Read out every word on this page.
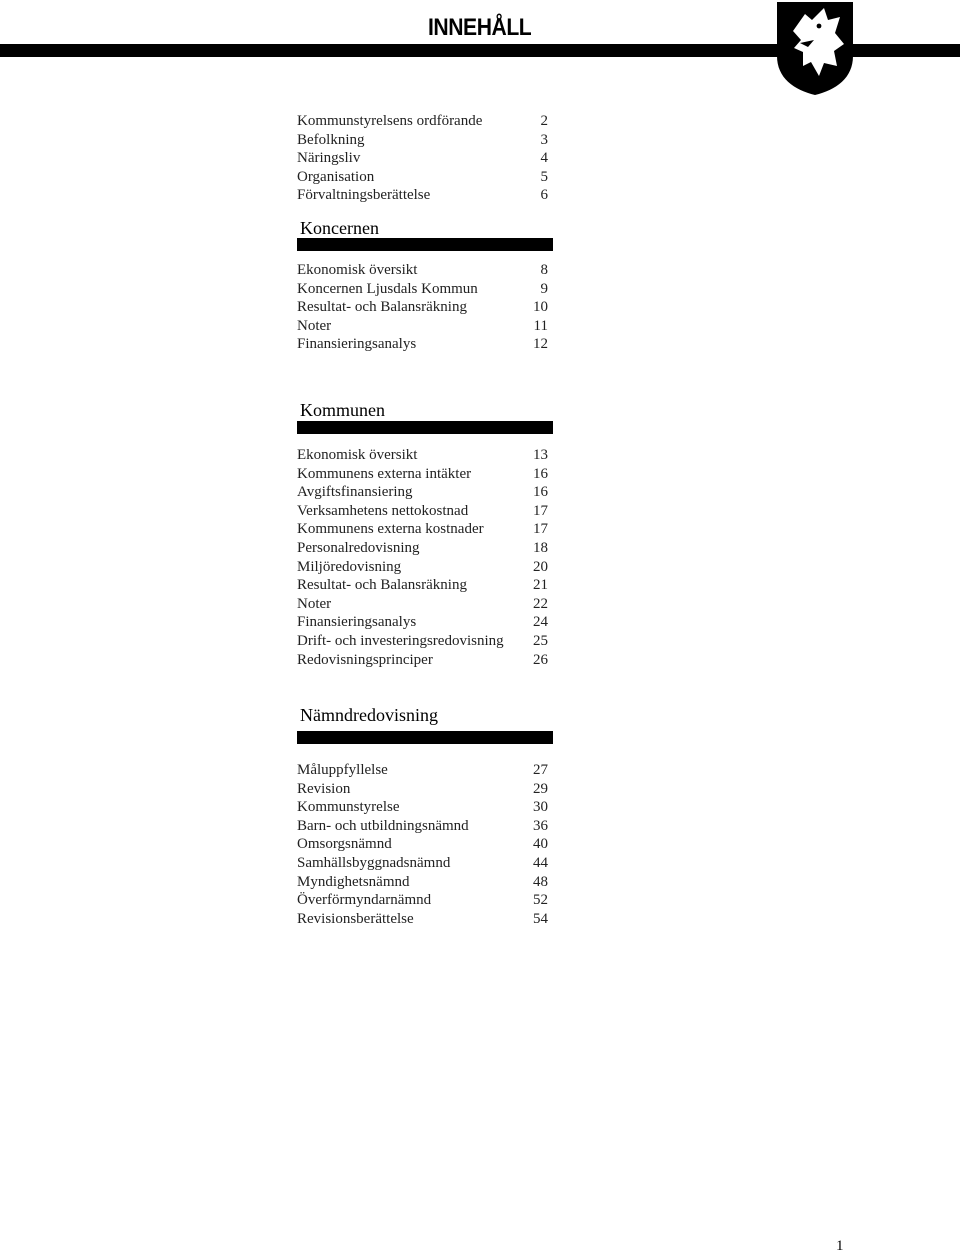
INNEHÅLL
Kommunstyrelsens ordförande	2
Befolkning	3
Näringsliv	4
Organisation	5
Förvaltningsberättelse	6
Koncernen
Ekonomisk översikt	8
Koncernen Ljusdals Kommun	9
Resultat- och Balansräkning	10
Noter	11
Finansieringsanalys	12
Kommunen
Ekonomisk översikt	13
Kommunens externa intäkter	16
Avgiftsfinansiering	16
Verksamhetens nettokostnad	17
Kommunens externa kostnader	17
Personalredovisning	18
Miljöredovisning	20
Resultat- och Balansräkning	21
Noter	22
Finansieringsanalys	24
Drift- och investeringsredovisning	25
Redovisningsprinciper	26
Nämndredovisning
Måluppfyllelse	27
Revision	29
Kommunstyrelse	30
Barn- och utbildningsnämnd	36
Omsorgsnämnd	40
Samhällsbyggnadsnämnd	44
Myndighetsnämnd	48
Överförmyndarnämnd	52
Revisionsberättelse	54
1
